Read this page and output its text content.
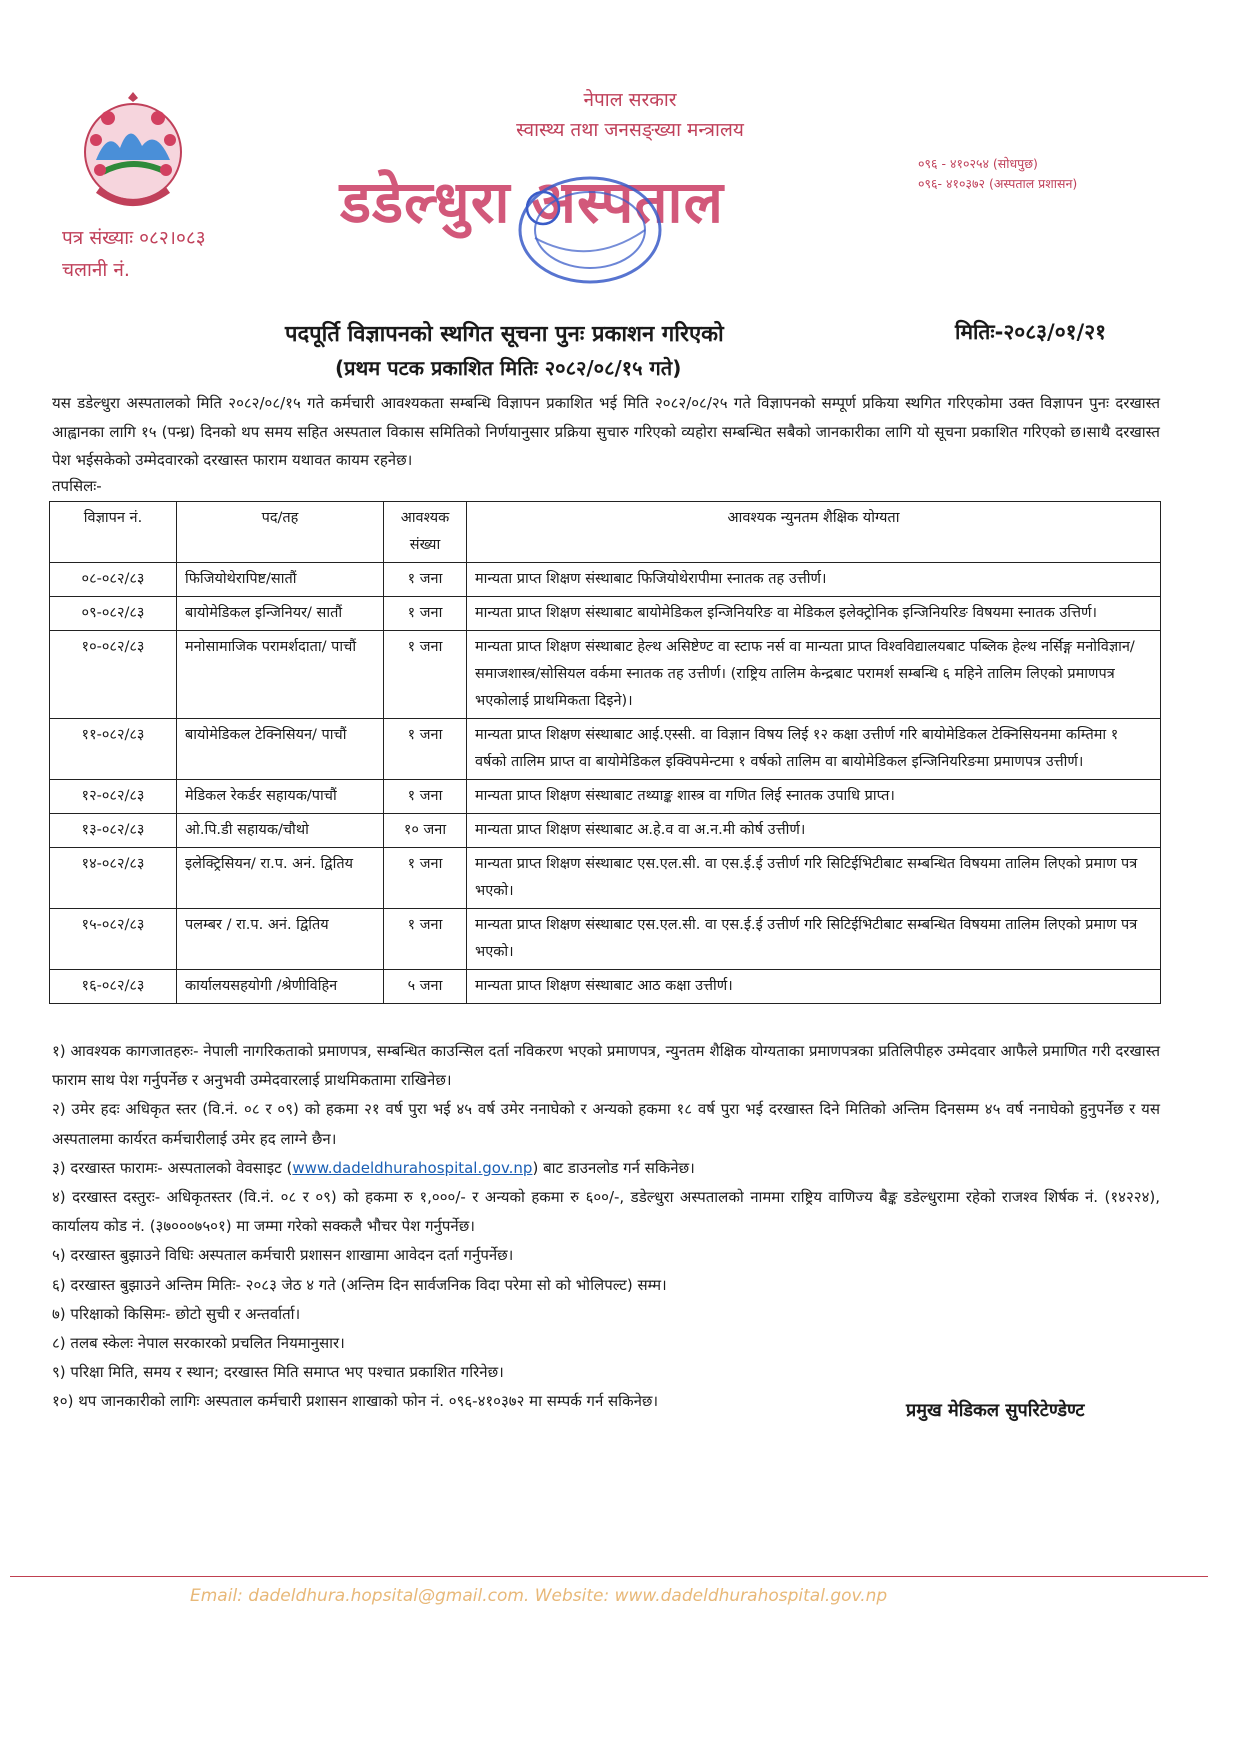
नेपाल सरकार
स्वास्थ्य तथा जनसङ्ख्या मन्त्रालय
०९६ - ४१०२५४ (सोधपुछ)
०९६- ४१०३७२ (अस्पताल प्रशासन)
डडेल्धुरा अस्पताल
पत्र संख्याः ०८२।०८३
चलानी नं.
पदपूर्ति विज्ञापनको स्थगित सूचना पुनः प्रकाशन गरिएको	मितिः-२०८३/०१/२१
(प्रथम पटक प्रकाशित मितिः २०८२/०८/१५ गते)
यस डडेल्धुरा अस्पतालको मिति २०८२/०८/१५ गते कर्मचारी आवश्यकता सम्बन्धि विज्ञापन प्रकाशित भई मिति २०८२/०८/२५ गते विज्ञापनको सम्पूर्ण प्रकिया स्थगित गरिएकोमा उक्त विज्ञापन पुनः दरखास्त आह्वानका लागि १५ (पन्ध्र) दिनको थप समय सहित अस्पताल विकास समितिको निर्णयानुसार प्रक्रिया सुचारु गरिएको व्यहोरा सम्बन्धित सबैको जानकारीका लागि यो सूचना प्रकाशित गरिएको छ।साथै दरखास्त पेश भईसकेको उम्मेदवारको दरखास्त फाराम यथावत कायम रहनेछ।
तपसिलः-
विज्ञापन नं.	पद/तह	आवश्यक संख्या	आवश्यक न्युनतम शैक्षिक योग्यता
०८-०८२/८३	फिजियोथेरापिष्ट/सातौं	१ जना	मान्यता प्राप्त शिक्षण संस्थाबाट फिजियोथेरापीमा स्नातक तह उत्तीर्ण।
०९-०८२/८३	बायोमेडिकल इन्जिनियर/ सातौं	१ जना	मान्यता प्राप्त शिक्षण संस्थाबाट बायोमेडिकल इन्जिनियरिङ वा मेडिकल इलेक्ट्रोनिक इन्जिनियरिङ विषयमा स्नातक उत्तिर्ण।
१०-०८२/८३	मनोसामाजिक परामर्शदाता/ पाचौं	१ जना	मान्यता प्राप्त शिक्षण संस्थाबाट हेल्थ असिष्टेण्ट वा स्टाफ नर्स वा मान्यता प्राप्त विश्वविद्यालयबाट पब्लिक हेल्थ नर्सिङ्ग मनोविज्ञान/समाजशास्त्र/सोसियल वर्कमा स्नातक तह उत्तीर्ण। (राष्ट्रिय तालिम केन्द्रबाट परामर्श सम्बन्धि ६ महिने तालिम लिएको प्रमाणपत्र भएकोलाई प्राथमिकता दिइने)।
११-०८२/८३	बायोमेडिकल टेक्निसियन/ पाचौं	१ जना	मान्यता प्राप्त शिक्षण संस्थाबाट आई.एस्सी. वा विज्ञान विषय लिई १२ कक्षा उत्तीर्ण गरि बायोमेडिकल टेक्निसियनमा कम्तिमा १ वर्षको तालिम प्राप्त वा बायोमेडिकल इक्विपमेन्टमा १ वर्षको तालिम वा बायोमेडिकल इन्जिनियरिङमा प्रमाणपत्र उत्तीर्ण।
१२-०८२/८३	मेडिकल रेकर्डर सहायक/पाचौं	१ जना	मान्यता प्राप्त शिक्षण संस्थाबाट तथ्याङ्क शास्त्र वा गणित लिई स्नातक उपाधि प्राप्त।
१३-०८२/८३	ओ.पि.डी सहायक/चौथो	१० जना	मान्यता प्राप्त शिक्षण संस्थाबाट अ.हे.व वा अ.न.मी कोर्ष उत्तीर्ण।
१४-०८२/८३	इलेक्ट्रिसियन/ रा.प. अनं. द्वितिय	१ जना	मान्यता प्राप्त शिक्षण संस्थाबाट एस.एल.सी. वा एस.ई.ई उत्तीर्ण गरि सिटिईभिटीबाट सम्बन्धित विषयमा तालिम लिएको प्रमाण पत्र भएको।
१५-०८२/८३	पलम्बर / रा.प. अनं. द्वितिय	१ जना	मान्यता प्राप्त शिक्षण संस्थाबाट एस.एल.सी. वा एस.ई.ई उत्तीर्ण गरि सिटिईभिटीबाट सम्बन्धित विषयमा तालिम लिएको प्रमाण पत्र भएको।
१६-०८२/८३	कार्यालयसहयोगी /श्रेणीविहिन	५ जना	मान्यता प्राप्त शिक्षण संस्थाबाट आठ कक्षा उत्तीर्ण।

१) आवश्यक कागजातहरुः- नेपाली नागरिकताको प्रमाणपत्र, सम्बन्धित काउन्सिल दर्ता नविकरण भएको प्रमाणपत्र, न्युनतम शैक्षिक योग्यताका प्रमाणपत्रका प्रतिलिपीहरु उम्मेदवार आफैले प्रमाणित गरी दरखास्त फाराम साथ पेश गर्नुपर्नेछ र अनुभवी उम्मेदवारलाई प्राथमिकतामा राखिनेछ।

२) उमेर हदः अधिकृत स्तर (वि.नं. ०८ र ०९) को हकमा २१ वर्ष पुरा भई ४५ वर्ष उमेर ननाघेको र अन्यको हकमा १८ वर्ष पुरा भई दरखास्त दिने मितिको अन्तिम दिनसम्म ४५ वर्ष ननाघेको हुनुपर्नेछ र यस अस्पतालमा कार्यरत कर्मचारीलाई उमेर हद लाग्ने छैन।

३) दरखास्त फारामः- अस्पतालको वेवसाइट (www.dadeldhurahospital.gov.np) बाट डाउनलोड गर्न सकिनेछ।

४) दरखास्त दस्तुरः- अधिकृतस्तर (वि.नं. ०८ र ०९) को हकमा रु १,०००/- र अन्यको हकमा रु ६००/-, डडेल्धुरा अस्पतालको नाममा राष्ट्रिय वाणिज्य बैङ्क डडेल्धुरामा रहेको राजश्व शिर्षक नं. (१४२२४), कार्यालय कोड नं. (३७०००७५०१) मा जम्मा गरेको सक्कलै भौचर पेश गर्नुपर्नेछ।

५) दरखास्त बुझाउने विधिः अस्पताल कर्मचारी प्रशासन शाखामा आवेदन दर्ता गर्नुपर्नेछ।

६) दरखास्त बुझाउने अन्तिम मितिः- २०८३ जेठ ४ गते (अन्तिम दिन सार्वजनिक विदा परेमा सो को भोलिपल्ट) सम्म।

७) परिक्षाको किसिमः- छोटो सुची र अन्तर्वार्ता।

८) तलब स्केलः नेपाल सरकारको प्रचलित नियमानुसार।

९) परिक्षा मिति, समय र स्थान; दरखास्त मिति समाप्त भए पश्चात प्रकाशित गरिनेछ।

१०) थप जानकारीको लागिः अस्पताल कर्मचारी प्रशासन शाखाको फोन नं. ०९६-४१०३७२ मा सम्पर्क गर्न सकिनेछ।	प्रमुख मेडिकल सुपरिटेण्डेण्ट
Email: dadeldhura.hopsital@gmail.com. Website: www.dadeldhurahospital.gov.np
